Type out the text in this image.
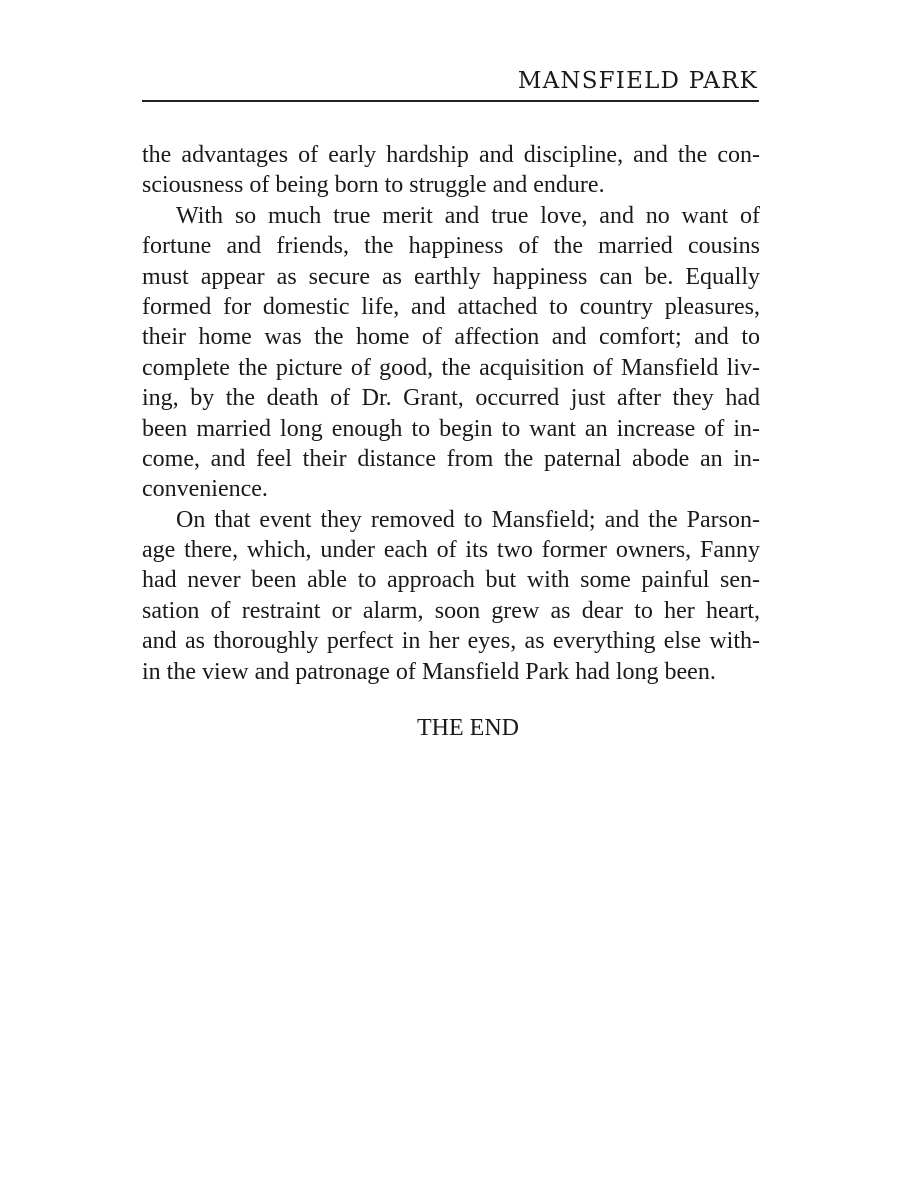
MANSFIELD PARK
the advantages of early hardship and discipline, and the con-
sciousness of being born to struggle and endure.
With so much true merit and true love, and no want of
fortune and friends, the happiness of the married cousins
must appear as secure as earthly happiness can be. Equally
formed for domestic life, and attached to country pleasures,
their home was the home of affection and comfort; and to
complete the picture of good, the acquisition of Mansfield liv-
ing, by the death of Dr. Grant, occurred just after they had
been married long enough to begin to want an increase of in-
come, and feel their distance from the paternal abode an in-
convenience.
On that event they removed to Mansfield; and the Parson-
age there, which, under each of its two former owners, Fanny
had never been able to approach but with some painful sen-
sation of restraint or alarm, soon grew as dear to her heart,
and as thoroughly perfect in her eyes, as everything else with-
in the view and patronage of Mansfield Park had long been.
THE END
